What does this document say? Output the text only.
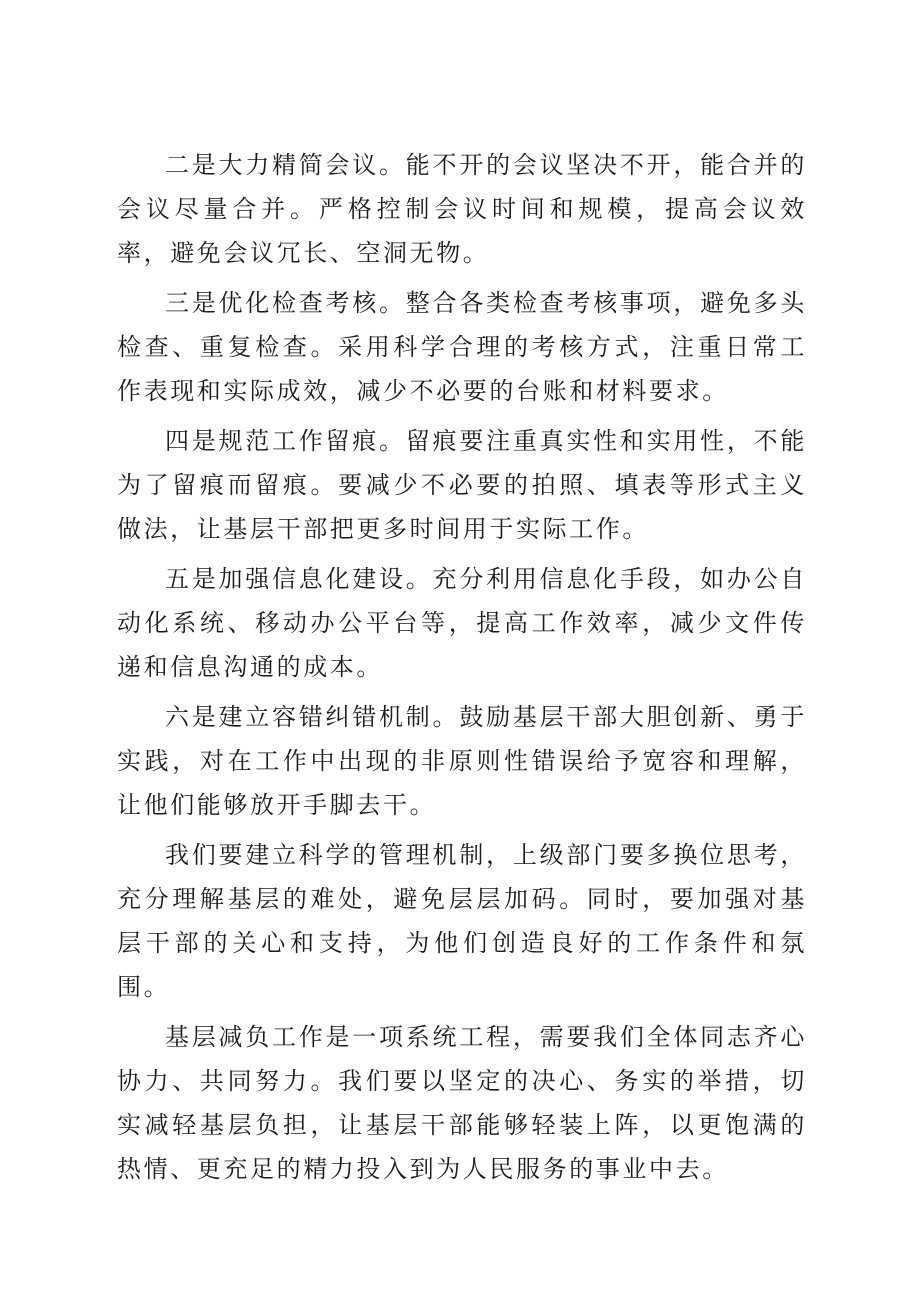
二是大力精简会议。能不开的会议坚决不开，能合并的会议尽量合并。严格控制会议时间和规模，提高会议效率，避免会议冗长、空洞无物。

三是优化检查考核。整合各类检查考核事项，避免多头检查、重复检查。采用科学合理的考核方式，注重日常工作表现和实际成效，减少不必要的台账和材料要求。

四是规范工作留痕。留痕要注重真实性和实用性，不能为了留痕而留痕。要减少不必要的拍照、填表等形式主义做法，让基层干部把更多时间用于实际工作。

五是加强信息化建设。充分利用信息化手段，如办公自动化系统、移动办公平台等，提高工作效率，减少文件传递和信息沟通的成本。

六是建立容错纠错机制。鼓励基层干部大胆创新、勇于实践，对在工作中出现的非原则性错误给予宽容和理解，让他们能够放开手脚去干。

我们要建立科学的管理机制，上级部门要多换位思考，充分理解基层的难处，避免层层加码。同时，要加强对基层干部的关心和支持，为他们创造良好的工作条件和氛围。

基层减负工作是一项系统工程，需要我们全体同志齐心协力、共同努力。我们要以坚定的决心、务实的举措，切实减轻基层负担，让基层干部能够轻装上阵，以更饱满的热情、更充足的精力投入到为人民服务的事业中去。
